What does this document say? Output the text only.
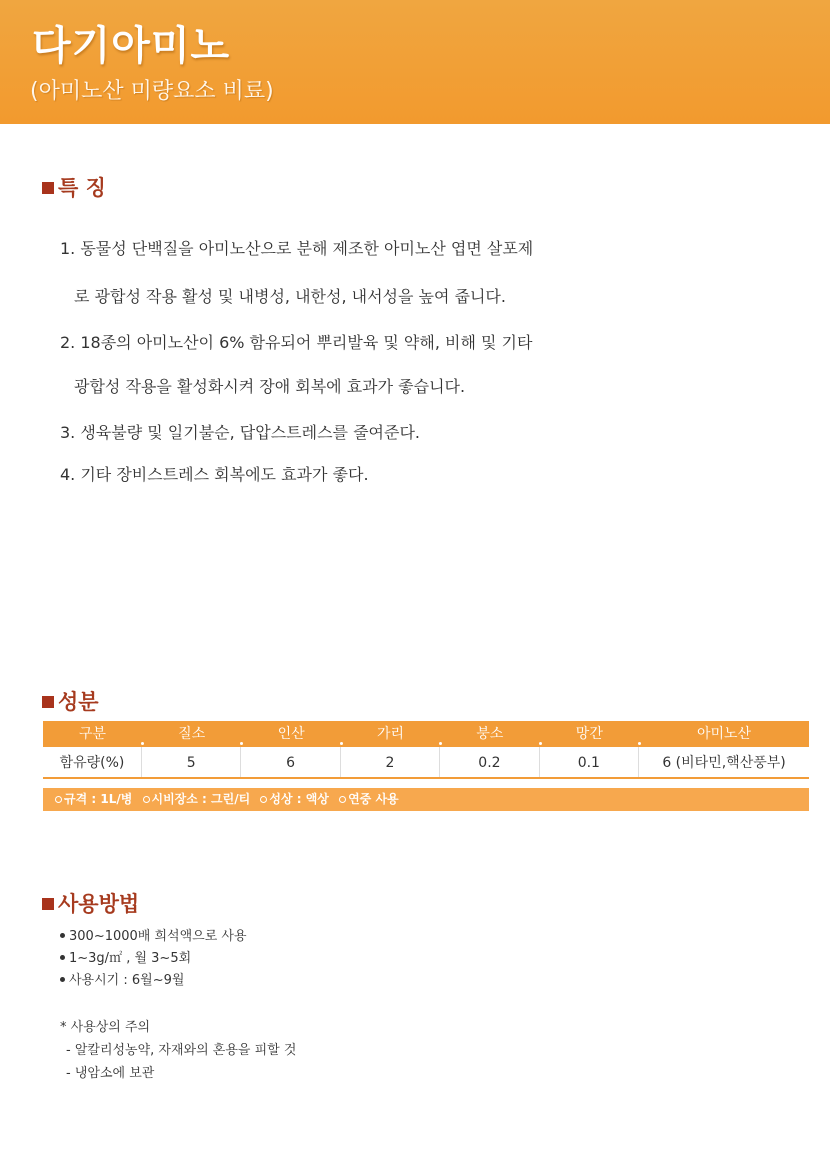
다기아미노
(아미노산 미량요소 비료)
특 징
1. 동물성 단백질을 아미노산으로 분해 제조한 아미노산 엽면 살포제
로 광합성 작용 활성 및 내병성, 내한성, 내서성을 높여 줍니다.
2. 18종의 아미노산이 6% 함유되어 뿌리발육 및 약해, 비해 및 기타
광합성 작용을 활성화시켜 장애 회복에 효과가 좋습니다.
3. 생육불량 및 일기불순, 답압스트레스를 줄여준다.
4. 기타 장비스트레스 회복에도 효과가 좋다.
성분
구분	질소	인산	가리	붕소	망간	아미노산
함유량(%)	5	6	2	0.2	0.1	6 (비타민,핵산풍부)
규격 : 1L/병 시비장소 : 그린/티 성상 : 액상 연중 사용
사용방법
300~1000배 희석액으로 사용
1~3g/㎡ , 월 3~5회
사용시기 : 6월~9월
* 사용상의 주의
- 알칼리성농약, 자재와의 혼용을 피할 것
- 냉암소에 보관
